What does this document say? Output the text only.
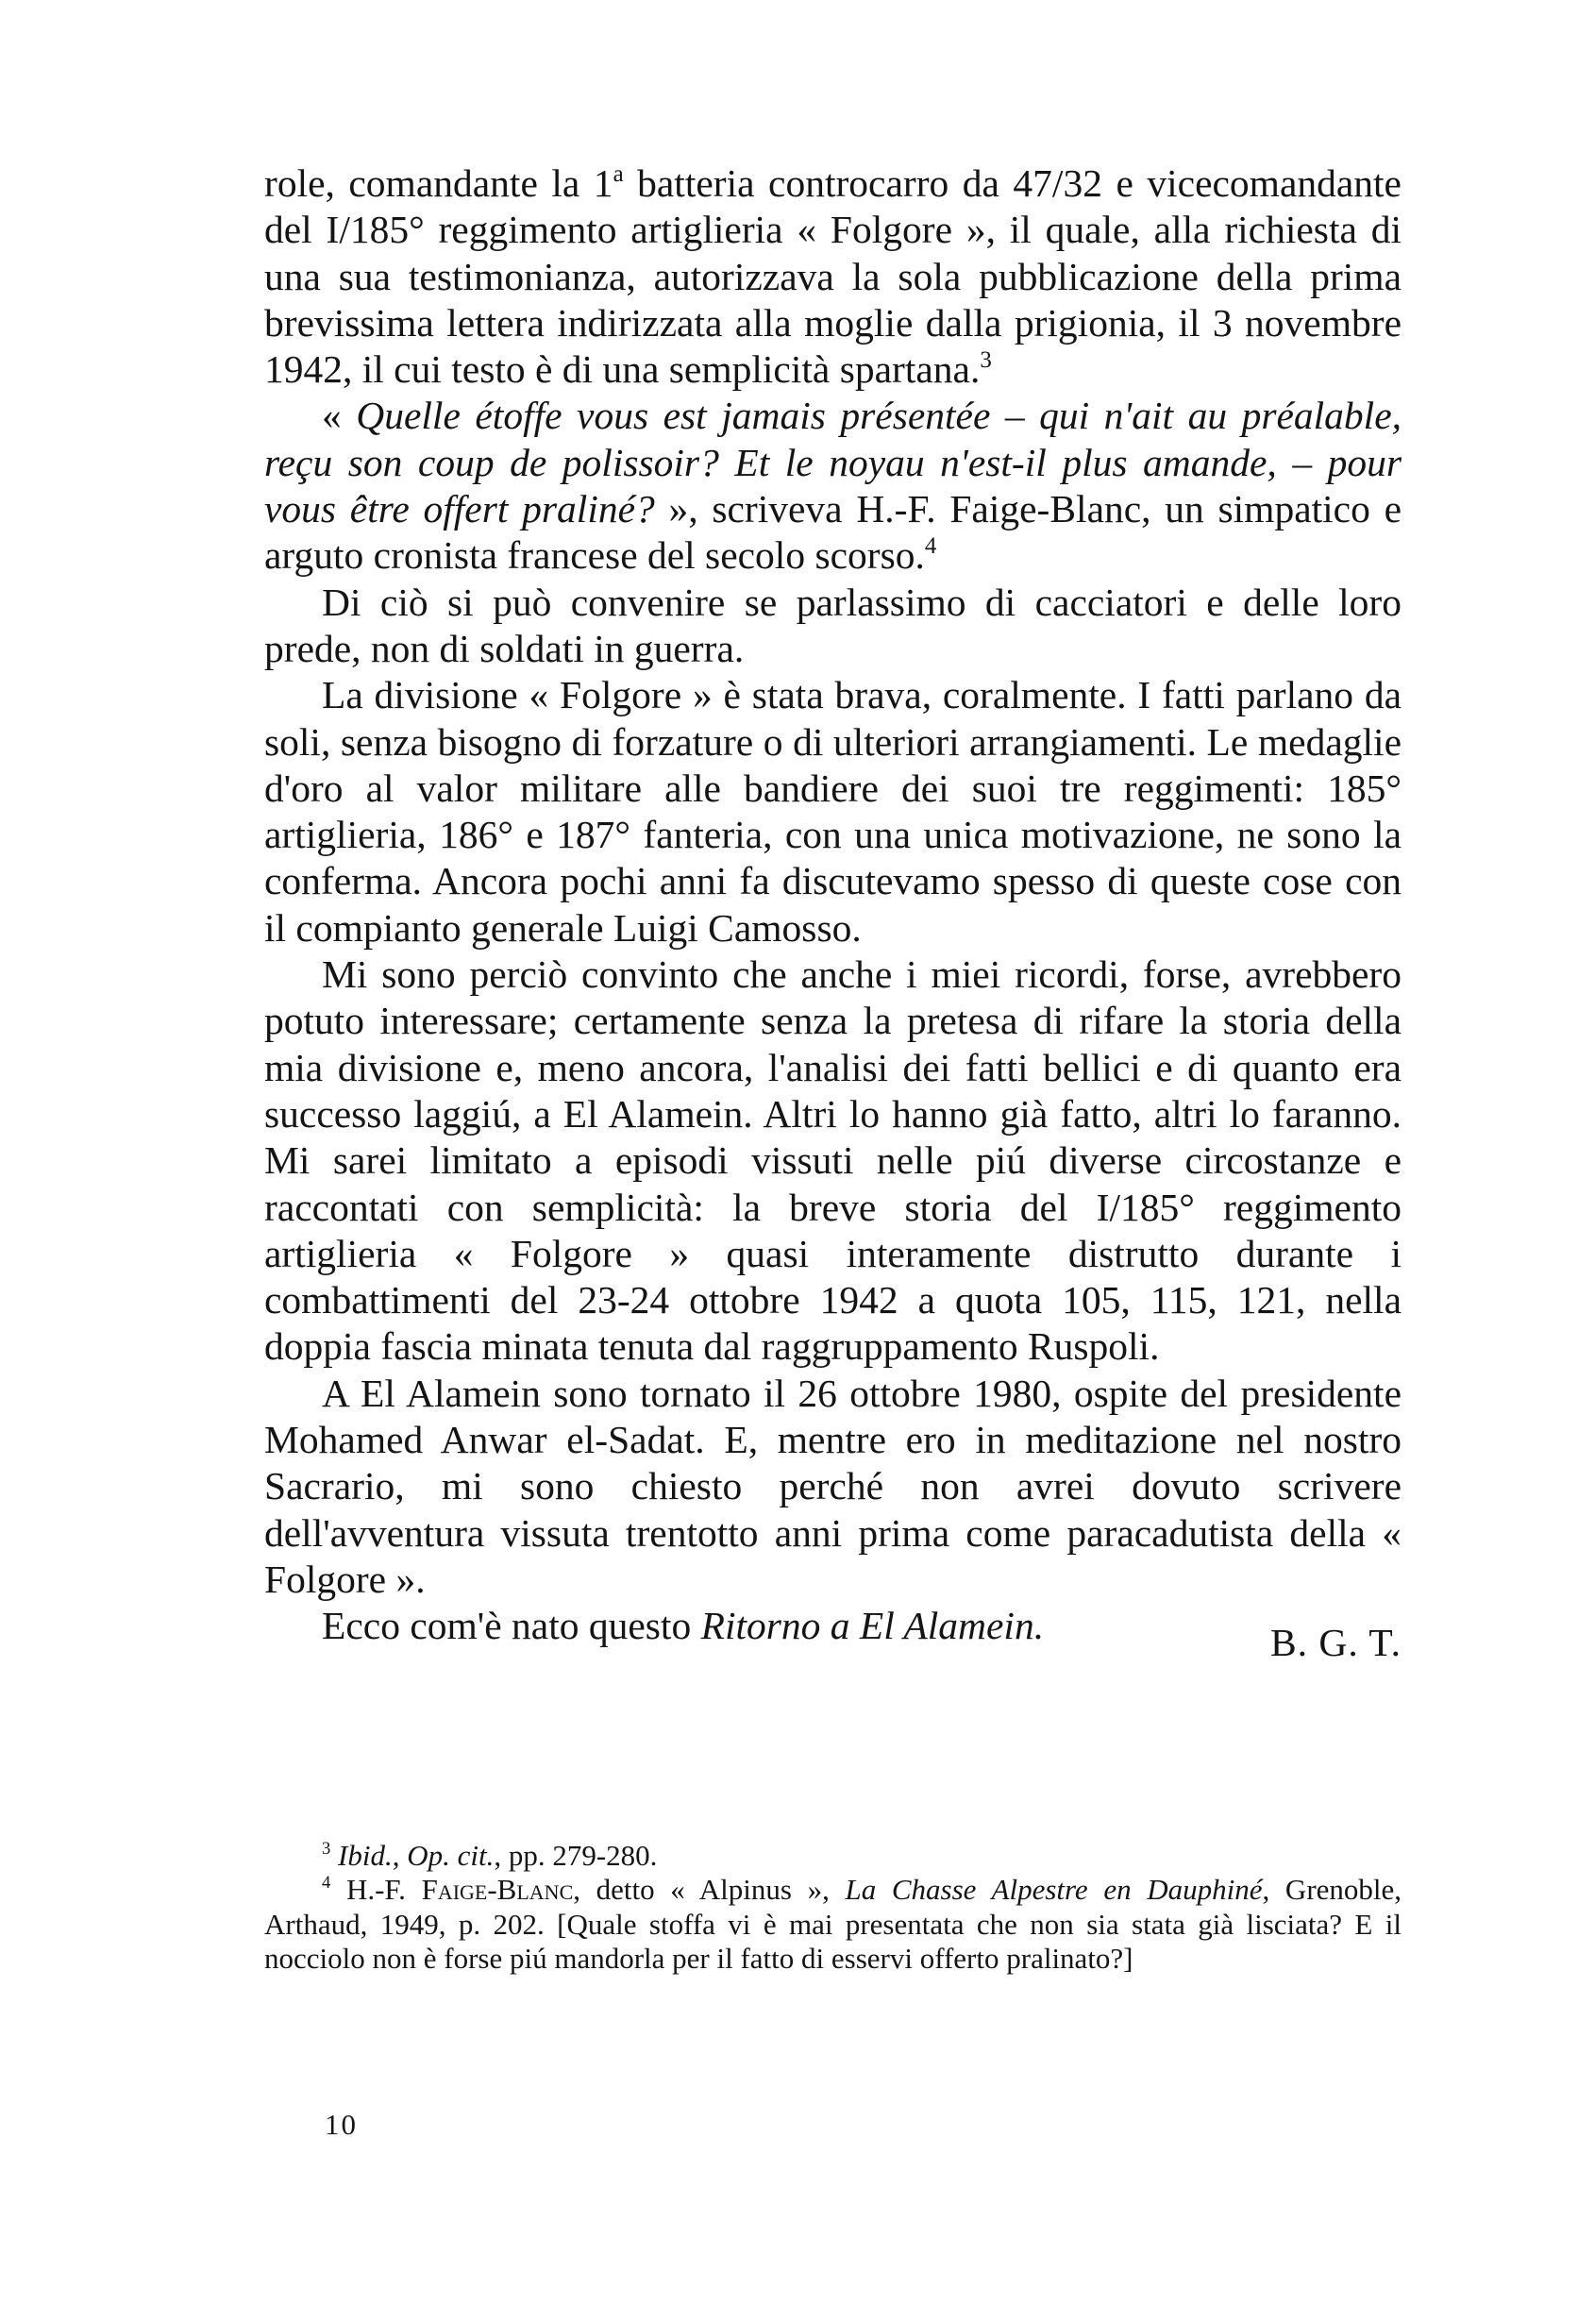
role, comandante la 1$^a$ batteria controcarro da 47/32 e vicecomandante del I/185° reggimento artiglieria « Folgore », il quale, alla richiesta di una sua testimonianza, autorizzava la sola pubblicazione della prima brevissima lettera indirizzata alla moglie dalla prigionia, il 3 novembre 1942, il cui testo è di una semplicità spartana.$^3$

« Quelle étoffe vous est jamais présentée – qui n'ait au préalable, reçu son coup de polissoir? Et le noyau n'est-il plus amande, – pour vous être offert praliné? », scriveva H.-F. Faige-Blanc, un simpatico e arguto cronista francese del secolo scorso.$^4$

Di ciò si può convenire se parlassimo di cacciatori e delle loro prede, non di soldati in guerra.

La divisione « Folgore » è stata brava, coralmente. I fatti parlano da soli, senza bisogno di forzature o di ulteriori arrangiamenti. Le medaglie d'oro al valor militare alle bandiere dei suoi tre reggimenti: 185° artiglieria, 186° e 187° fanteria, con una unica motivazione, ne sono la conferma. Ancora pochi anni fa discutevamo spesso di queste cose con il compianto generale Luigi Camosso.

Mi sono perciò convinto che anche i miei ricordi, forse, avrebbero potuto interessare; certamente senza la pretesa di rifare la storia della mia divisione e, meno ancora, l'analisi dei fatti bellici e di quanto era successo laggiú, a El Alamein. Altri lo hanno già fatto, altri lo faranno. Mi sarei limitato a episodi vissuti nelle piú diverse circostanze e raccontati con semplicità: la breve storia del I/185° reggimento artiglieria « Folgore » quasi interamente distrutto durante i combattimenti del 23-24 ottobre 1942 a quota 105, 115, 121, nella doppia fascia minata tenuta dal raggruppamento Ruspoli.

A El Alamein sono tornato il 26 ottobre 1980, ospite del presidente Mohamed Anwar el-Sadat. E, mentre ero in meditazione nel nostro Sacrario, mi sono chiesto perché non avrei dovuto scrivere dell'avventura vissuta trentotto anni prima come paracadutista della « Folgore ».

Ecco com'è nato questo Ritorno a El Alamein.	B. G. T.

$^3$ Ibid., Op. cit., pp. 279-280.

$^4$ H.-F. Faige-Blanc, detto « Alpinus », La Chasse Alpestre en Dauphiné, Grenoble, Arthaud, 1949, p. 202. [Quale stoffa vi è mai presentata che non sia stata già lisciata? E il nocciolo non è forse piú mandorla per il fatto di esservi offerto pralinato?]

10
